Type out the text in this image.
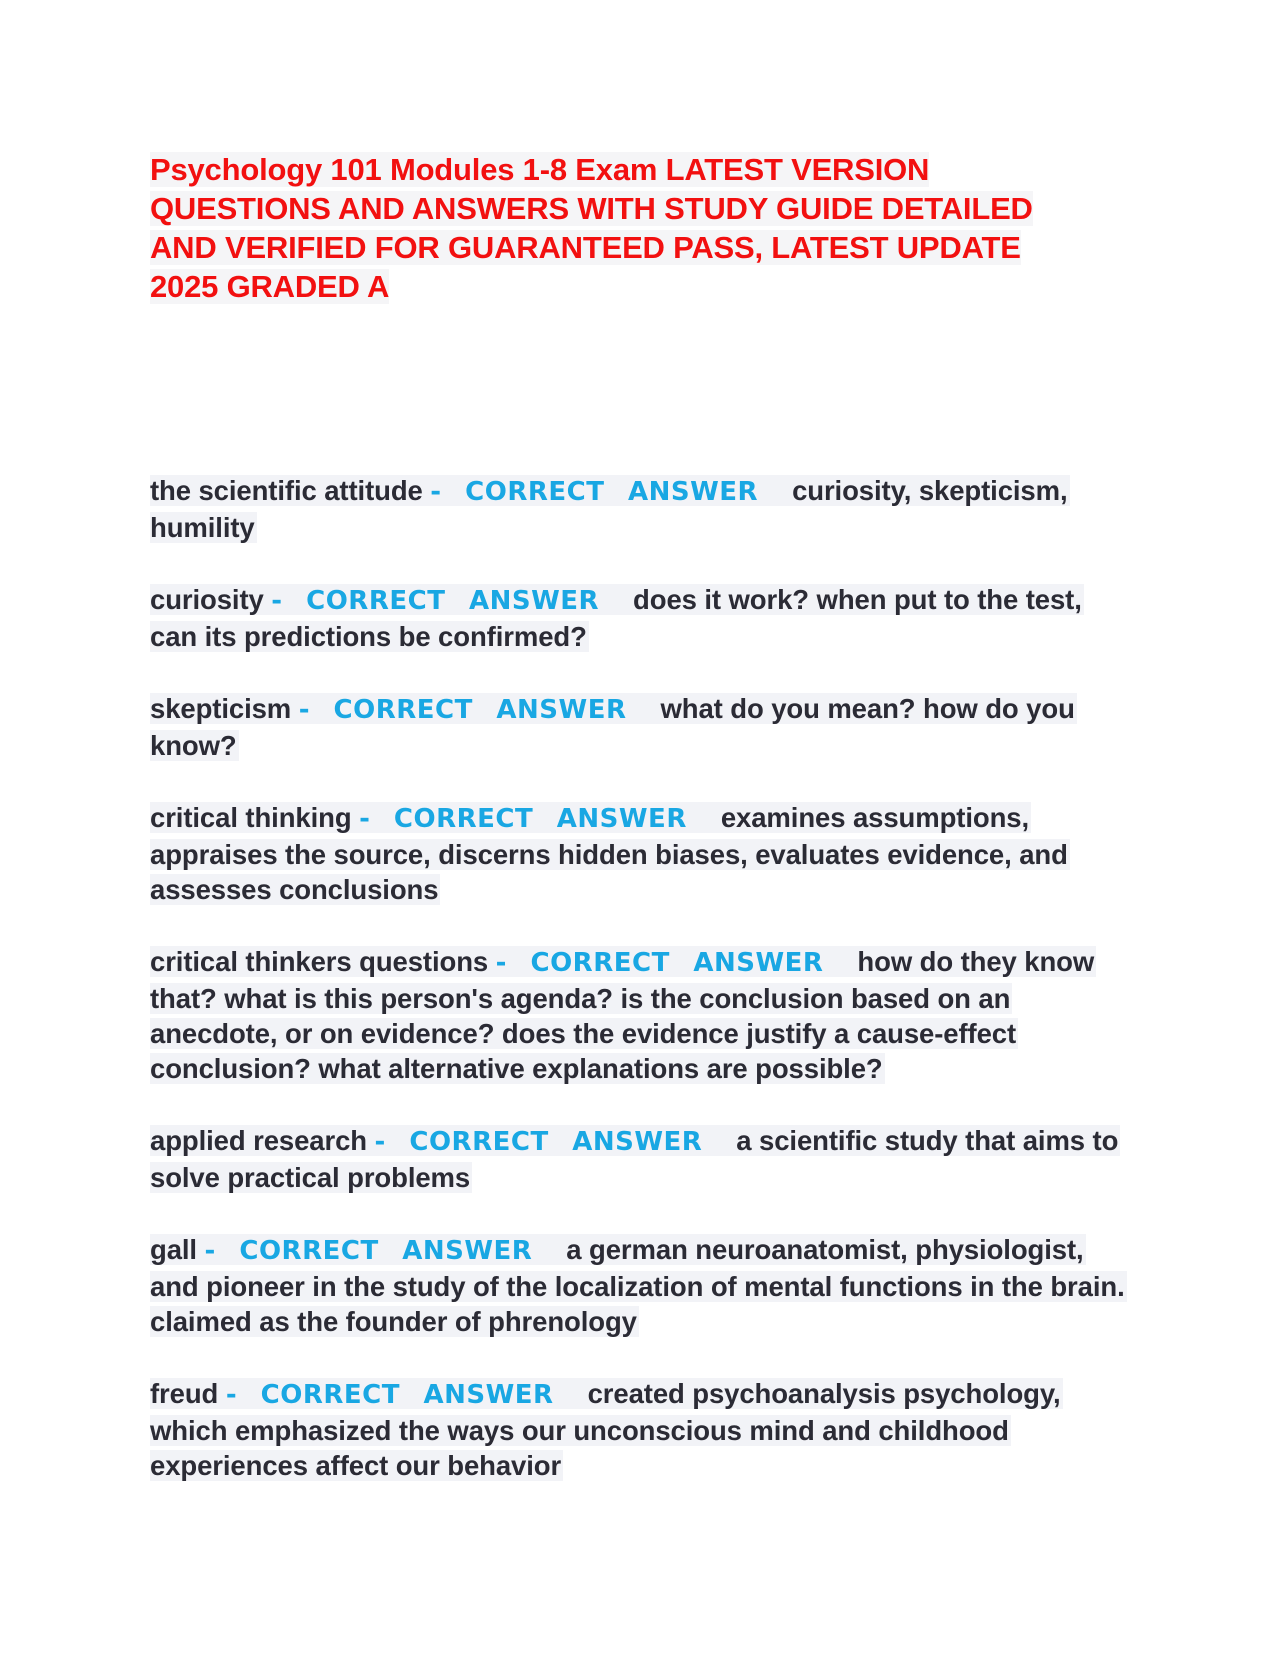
Psychology 101 Modules 1-8 Exam LATEST VERSION
QUESTIONS AND ANSWERS WITH STUDY GUIDE DETAILED
AND VERIFIED FOR GUARANTEED PASS, LATEST UPDATE
2025 GRADED A

the scientific attitude - CORRECT ANSWER curiosity, skepticism, humility

curiosity - CORRECT ANSWER does it work? when put to the test, can its predictions be confirmed?

skepticism - CORRECT ANSWER what do you mean? how do you know?

critical thinking - CORRECT ANSWER examines assumptions, appraises the source, discerns hidden biases, evaluates evidence, and assesses conclusions

critical thinkers questions - CORRECT ANSWER how do they know that? what is this person's agenda? is the conclusion based on an anecdote, or on evidence? does the evidence justify a cause-effect conclusion? what alternative explanations are possible?

applied research - CORRECT ANSWER a scientific study that aims to solve practical problems

gall - CORRECT ANSWER a german neuroanatomist, physiologist, and pioneer in the study of the localization of mental functions in the brain. claimed as the founder of phrenology

freud - CORRECT ANSWER created psychoanalysis psychology, which emphasized the ways our unconscious mind and childhood experiences affect our behavior
